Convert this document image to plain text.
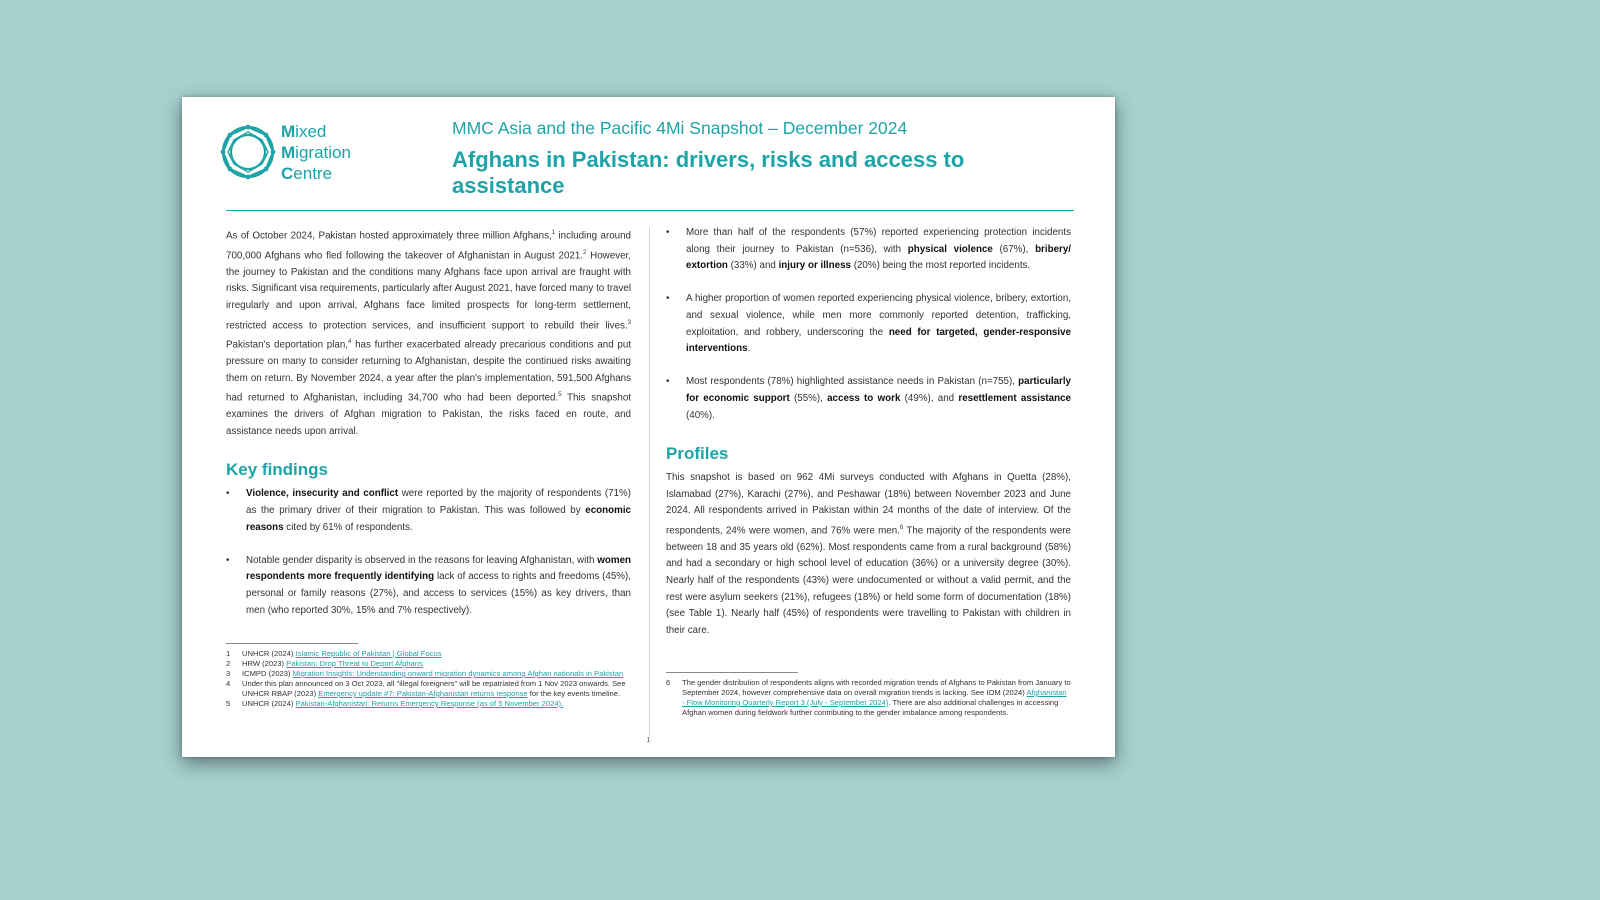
Mixed
Migration
Centre
MMC Asia and the Pacific 4Mi Snapshot – December 2024
Afghans in Pakistan: drivers, risks and access to assistance

As of October 2024, Pakistan hosted approximately three million Afghans,$^1$ including around 700,000 Afghans who fled following the takeover of Afghanistan in August 2021.$^2$ However, the journey to Pakistan and the conditions many Afghans face upon arrival are fraught with risks. Significant visa requirements, particularly after August 2021, have forced many to travel irregularly and upon arrival, Afghans face limited prospects for long-term settlement, restricted access to protection services, and insufficient support to rebuild their lives.$^3$ Pakistan's deportation plan,$^4$ has further exacerbated already precarious conditions and put pressure on many to consider returning to Afghanistan, despite the continued risks awaiting them on return. By November 2024, a year after the plan's implementation, 591,500 Afghans had returned to Afghanistan, including 34,700 who had been deported.$^5$ This snapshot examines the drivers of Afghan migration to Pakistan, the risks faced en route, and assistance needs upon arrival.

Key findings
• Violence, insecurity and conflict were reported by the majority of respondents (71%) as the primary driver of their migration to Pakistan. This was followed by economic reasons cited by 61% of respondents.
• Notable gender disparity is observed in the reasons for leaving Afghanistan, with women respondents more frequently identifying lack of access to rights and freedoms (45%), personal or family reasons (27%), and access to services (15%) as key drivers, than men (who reported 30%, 15% and 7% respectively).
• More than half of the respondents (57%) reported experiencing protection incidents along their journey to Pakistan (n=536), with physical violence (67%), bribery/ extortion (33%) and injury or illness (20%) being the most reported incidents.
• A higher proportion of women reported experiencing physical violence, bribery, extortion, and sexual violence, while men more commonly reported detention, trafficking, exploitation, and robbery, underscoring the need for targeted, gender-responsive interventions.
• Most respondents (78%) highlighted assistance needs in Pakistan (n=755), particularly for economic support (55%), access to work (49%), and resettlement assistance (40%).
Profiles

This snapshot is based on 962 4Mi surveys conducted with Afghans in Quetta (28%), Islamabad (27%), Karachi (27%), and Peshawar (18%) between November 2023 and June 2024. All respondents arrived in Pakistan within 24 months of the date of interview. Of the respondents, 24% were women, and 76% were men.$^6$ The majority of the respondents were between 18 and 35 years old (62%). Most respondents came from a rural background (58%) and had a secondary or high school level of education (36%) or a university degree (30%). Nearly half of the respondents (43%) were undocumented or without a valid permit, and the rest were asylum seekers (21%), refugees (18%) or held some form of documentation (18%) (see Table 1). Nearly half (45%) of respondents were travelling to Pakistan with children in their care.

1	UNHCR (2024) Islamic Republic of Pakistan | Global Focus
2	HRW (2023) Pakistan: Drop Threat to Deport Afghans
3	ICMPD (2023) Migration Insights: Understanding onward migration dynamics among Afghan nationals in Pakistan
4	Under this plan announced on 3 Oct 2023, all "illegal foreigners" will be repatriated from 1 Nov 2023 onwards. See UNHCR RBAP (2023) Emergency update #7: Pakistan-Afghanistan returns response for the key events timeline.
5	UNHCR (2024) Pakistan-Afghanistan: Returns Emergency Response (as of 5 November 2024).
6	The gender distribution of respondents aligns with recorded migration trends of Afghans to Pakistan from January to September 2024, however comprehensive data on overall migration trends is lacking. See IOM (2024) Afghanistan - Flow Monitoring Quarterly Report 3 (July - September 2024). There are also additional challenges in accessing Afghan women during fieldwork further contributing to the gender imbalance among respondents.
1
